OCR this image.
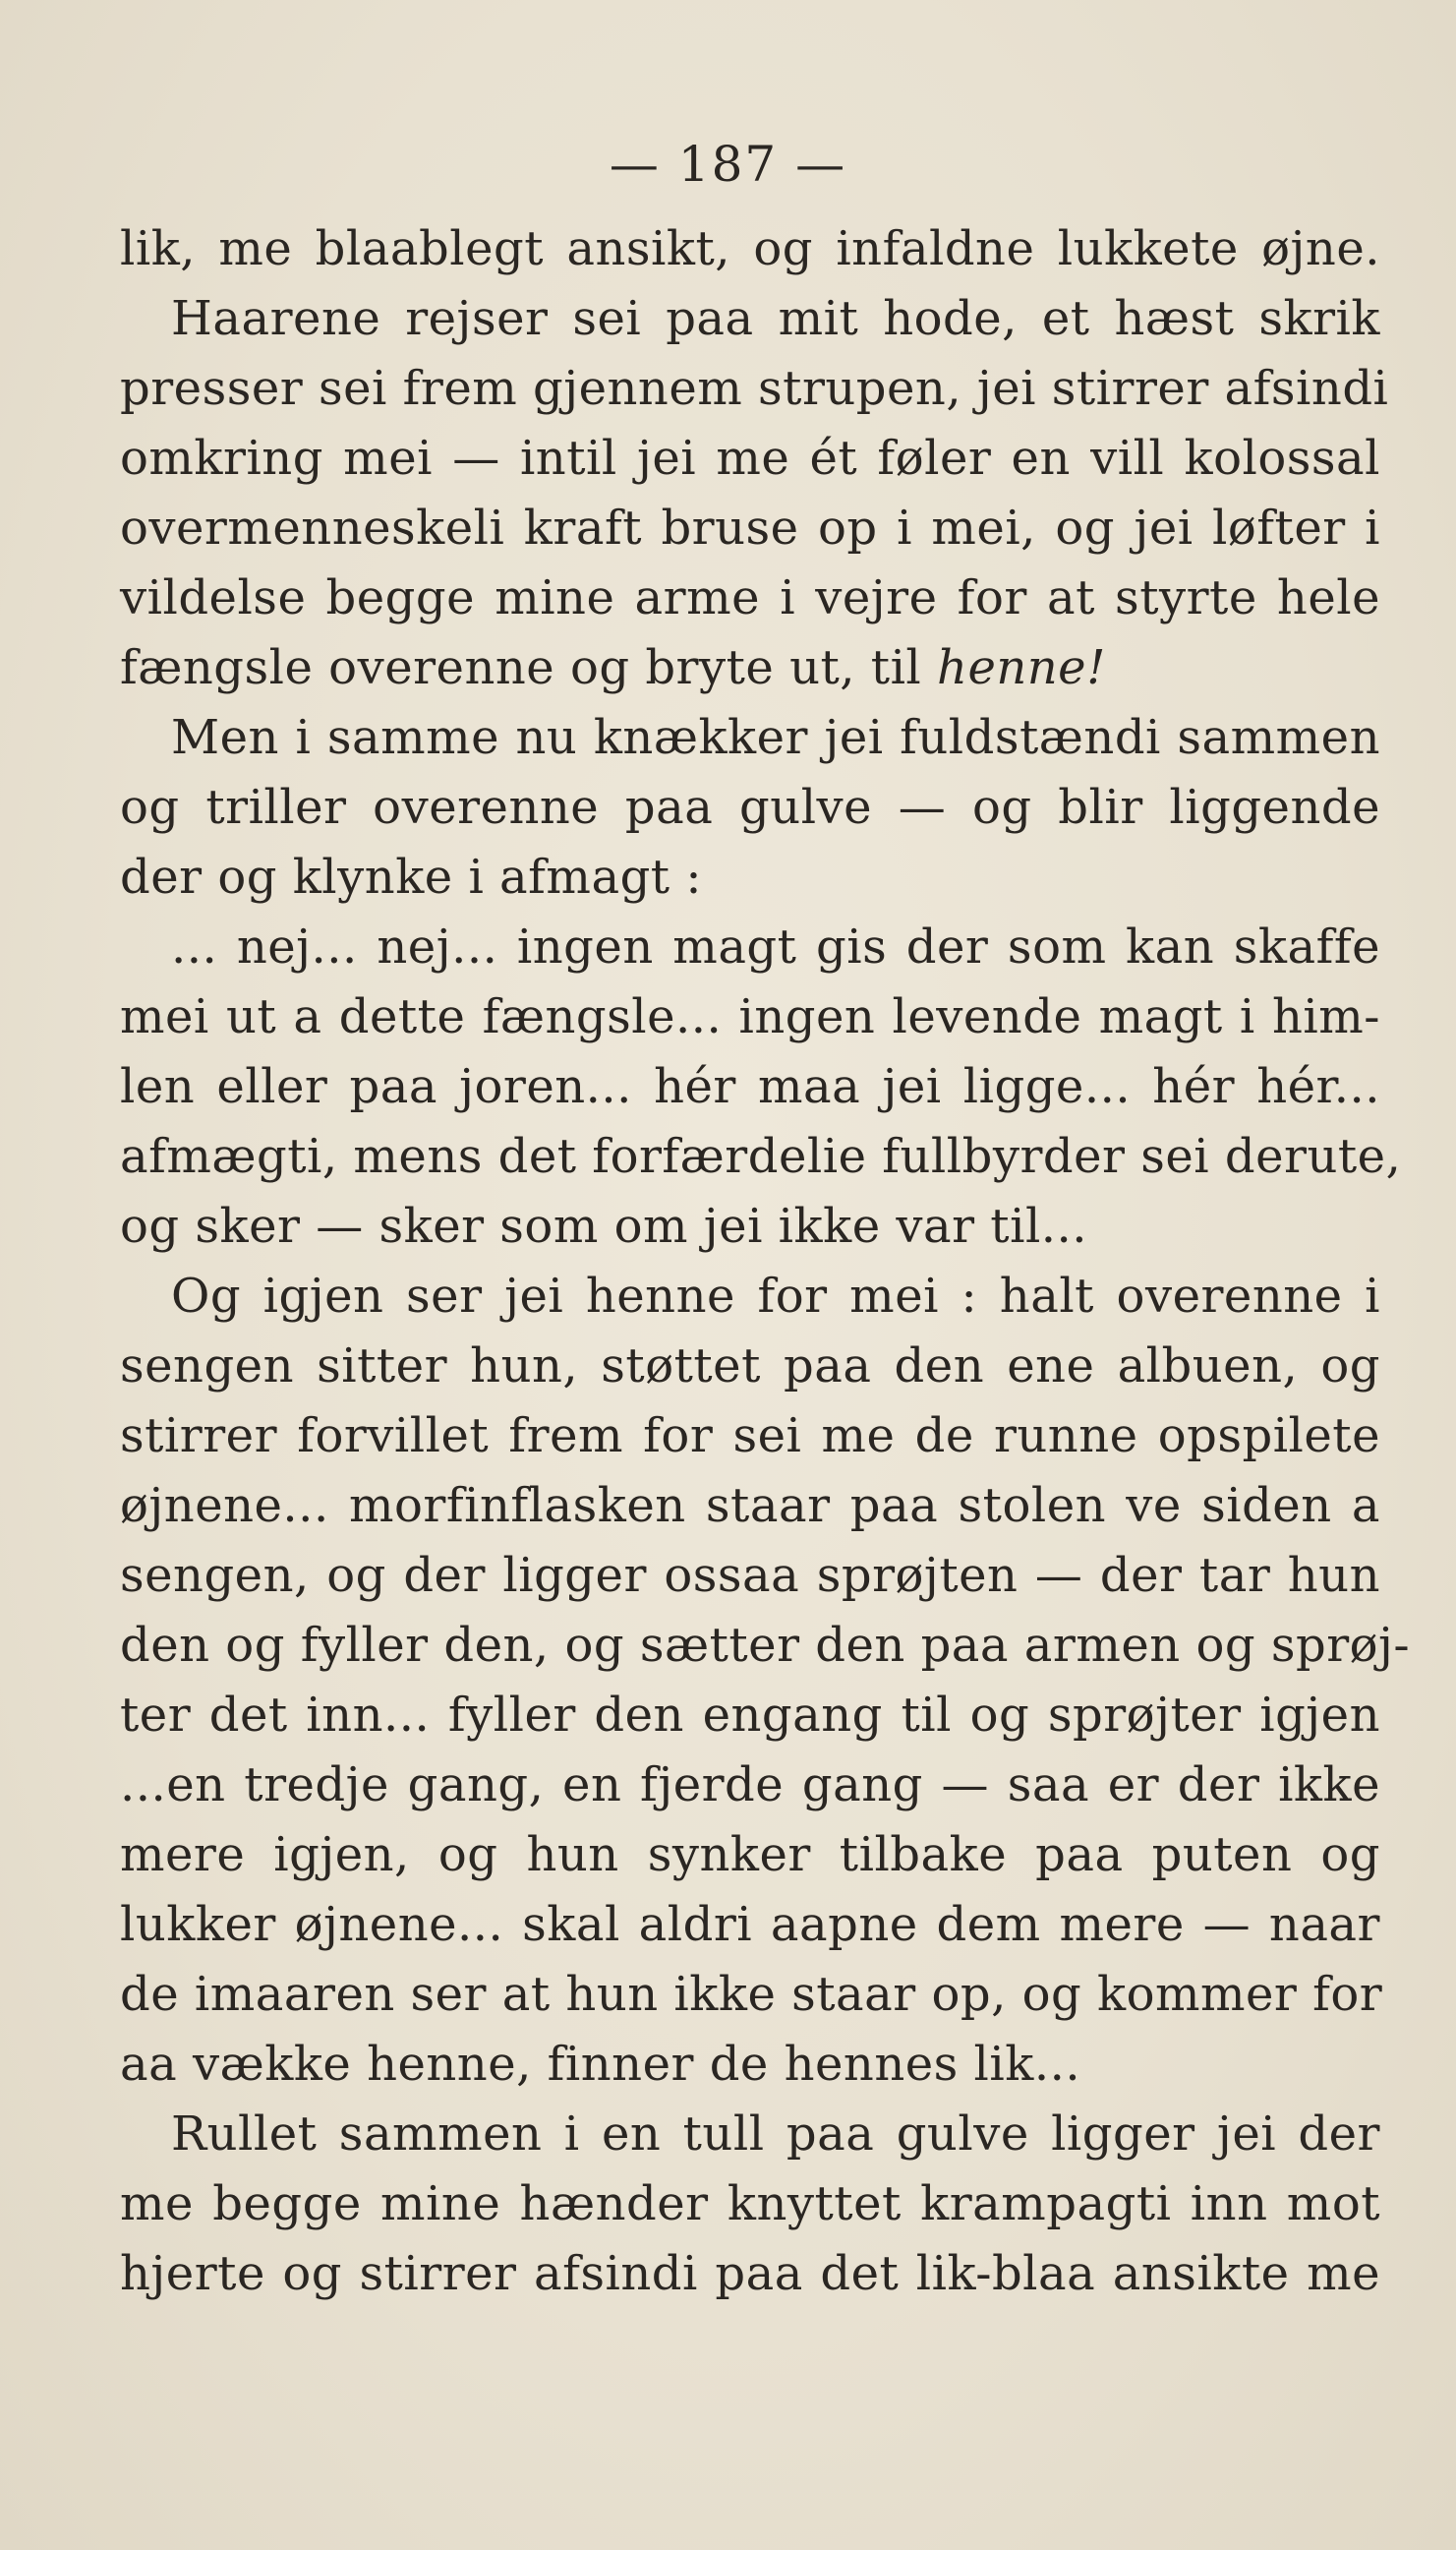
— 187 —
lik, me blaablegt ansikt, og infaldne lukkete øjne.
Haarene rejser sei paa mit hode, et hæst skrik
presser sei frem gjennem strupen, jei stirrer afsindi
omkring mei — intil jei me ét føler en vill kolossal
overmenneskeli kraft bruse op i mei, og jei løfter i
vildelse begge mine arme i vejre for at styrte hele
fængsle overenne og bryte ut, til henne!
Men i samme nu knækker jei fuldstændi sammen
og triller overenne paa gulve — og blir liggende
der og klynke i afmagt :
... nej... nej... ingen magt gis der som kan skaffe
mei ut a dette fængsle... ingen levende magt i him-
len eller paa joren... hér maa jei ligge... hér hér...
afmægti, mens det forfærdelie fullbyrder sei derute,
og sker — sker som om jei ikke var til...
Og igjen ser jei henne for mei : halt overenne i
sengen sitter hun, støttet paa den ene albuen, og
stirrer forvillet frem for sei me de runne opspilete
øjnene... morfinflasken staar paa stolen ve siden a
sengen, og der ligger ossaa sprøjten — der tar hun
den og fyller den, og sætter den paa armen og sprøj-
ter det inn... fyller den engang til og sprøjter igjen
...en tredje gang, en fjerde gang — saa er der ikke
mere igjen, og hun synker tilbake paa puten og
lukker øjnene... skal aldri aapne dem mere — naar
de imaaren ser at hun ikke staar op, og kommer for
aa vække henne, finner de hennes lik...
Rullet sammen i en tull paa gulve ligger jei der
me begge mine hænder knyttet krampagti inn mot
hjerte og stirrer afsindi paa det lik-blaa ansikte me
